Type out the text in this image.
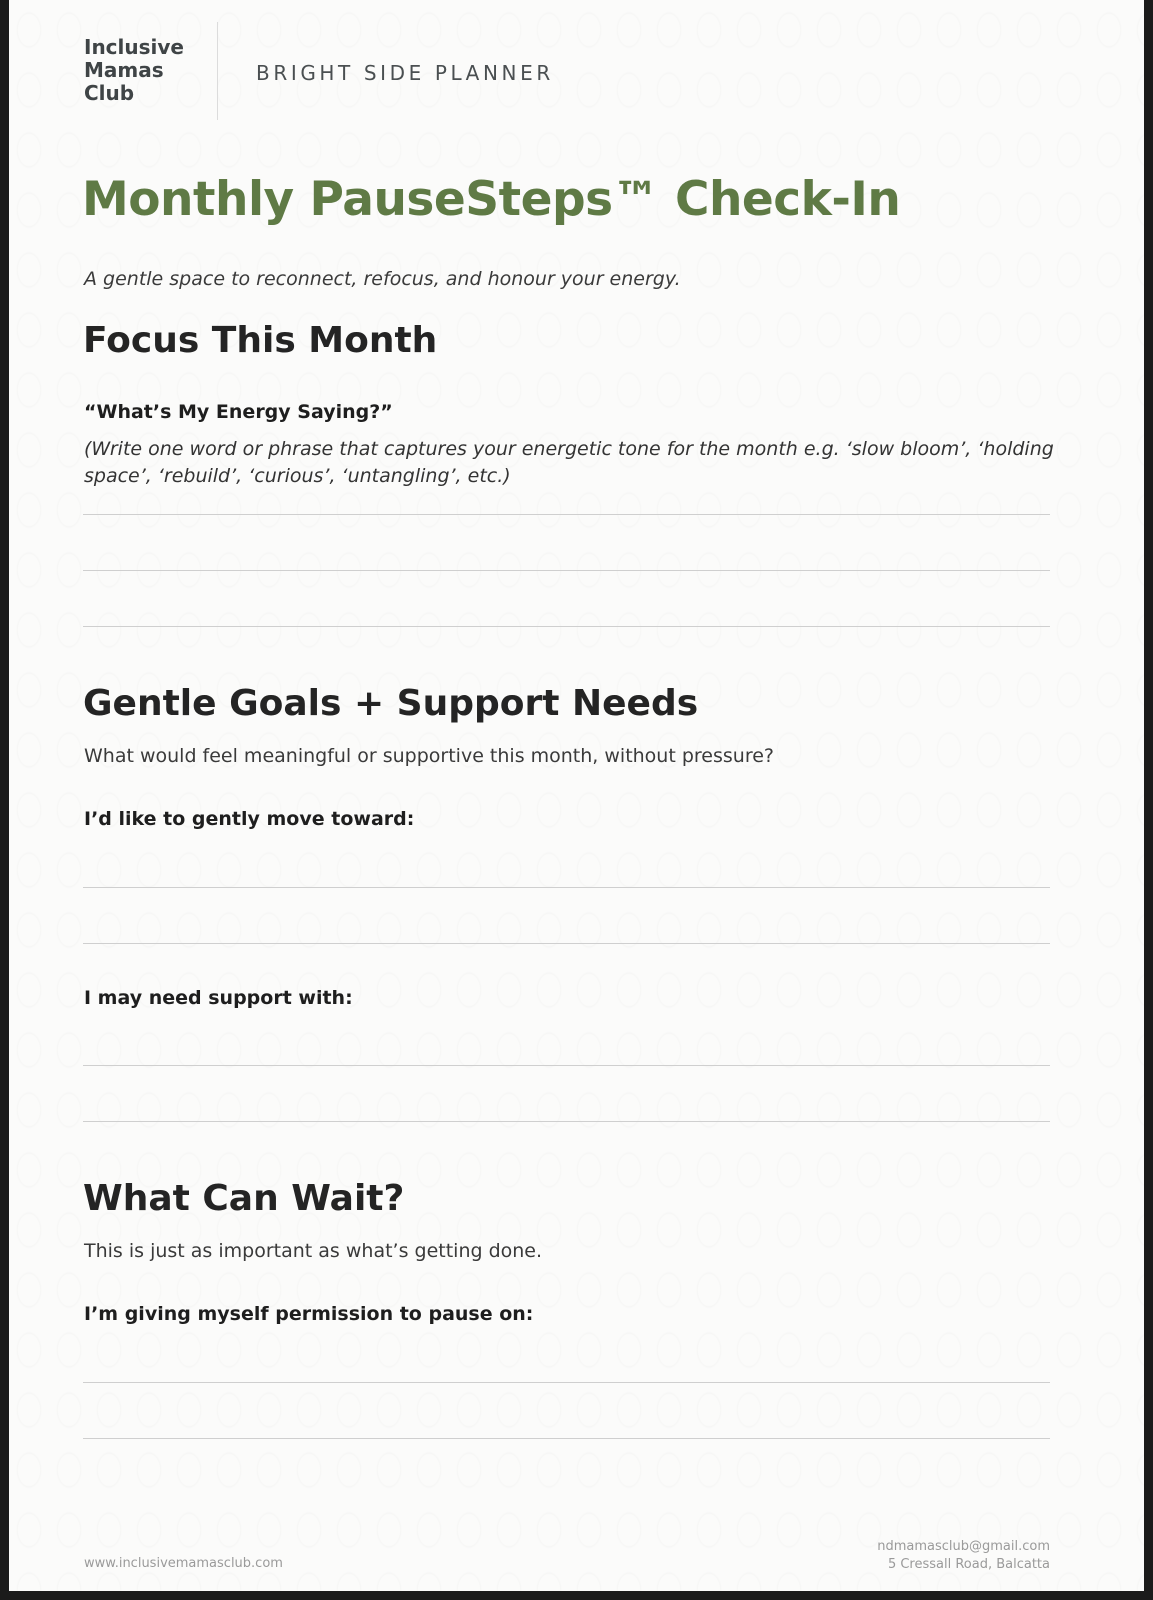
Inclusive
Mamas
Club
BRIGHT SIDE PLANNER
Monthly PauseSteps™ Check-In
A gentle space to reconnect, refocus, and honour your energy.
Focus This Month
“What’s My Energy Saying?”
(Write one word or phrase that captures your energetic tone for the month e.g. ‘slow bloom’, ‘holding space’, ‘rebuild’, ‘curious’, ‘untangling’, etc.)
Gentle Goals + Support Needs
What would feel meaningful or supportive this month, without pressure?
I’d like to gently move toward:
I may need support with:
What Can Wait?
This is just as important as what’s getting done.
I’m giving myself permission to pause on:
www.inclusivemamasclub.com
ndmamasclub@gmail.com
5 Cressall Road, Balcatta
